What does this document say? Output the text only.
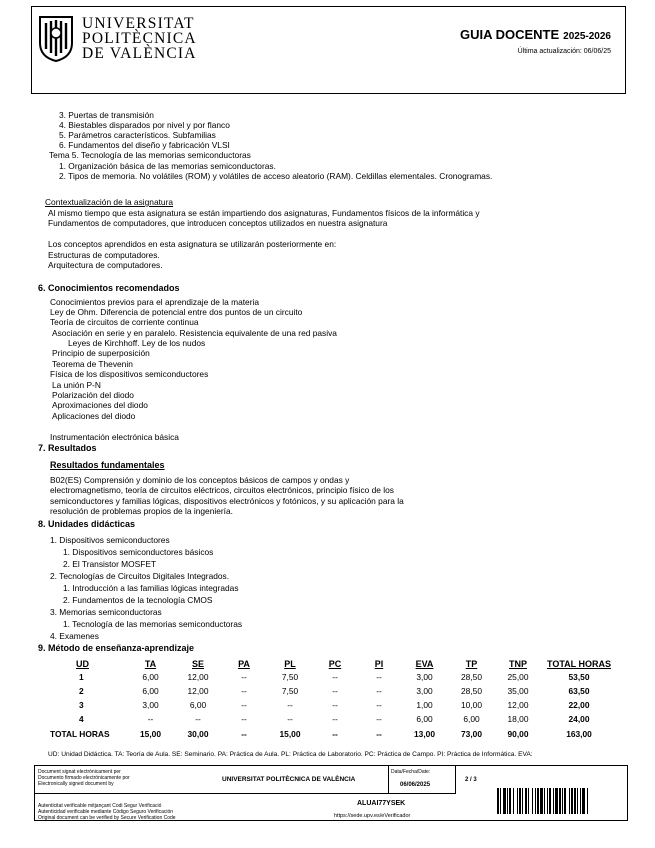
UNIVERSITAT
POLITÈCNICA
DE VALÈNCIA
GUIA DOCENTE 2025-2026
Última actualización: 06/06/25
3. Puertas de transmisión
4. Biestables disparados por nivel y por flanco
5. Parámetros característicos. Subfamilias
6. Fundamentos del diseño y fabricación VLSI
Tema 5. Tecnología de las memorias semiconductoras
1. Organización básica de las memorias semiconductoras.
2. Tipos de memoria. No volátiles (ROM) y volátiles de acceso aleatorio (RAM). Celdillas elementales. Cronogramas.
Contextualización de la asignatura
Al mismo tiempo que esta asignatura se están impartiendo dos asignaturas, Fundamentos físicos de la informática y
Fundamentos de computadores, que introducen conceptos utilizados en nuestra asignatura
Los conceptos aprendidos en esta asignatura se utilizarán posteriormente en:
Estructuras de computadores.
Arquitectura de computadores.
6. Conocimientos recomendados
Conocimientos previos para el aprendizaje de la materia
Ley de Ohm. Diferencia de potencial entre dos puntos de un circuito
Teoría de circuitos de corriente continua
Asociación en serie y en paralelo. Resistencia equivalente de una red pasiva
Leyes de Kirchhoff. Ley de los nudos
Principio de superposición
Teorema de Thevenin
Física de los dispositivos semiconductores
La unión P-N
Polarización del diodo
Aproximaciones del diodo
Aplicaciones del diodo
Instrumentación electrónica básica
7. Resultados
Resultados fundamentales
B02(ES) Comprensión y dominio de los conceptos básicos de campos y ondas y
electromagnetismo, teoría de circuitos eléctricos, circuitos electrónicos, principio físico de los
semiconductores y familias lógicas, dispositivos electrónicos y fotónicos, y su aplicación para la
resolución de problemas propios de la ingeniería.
8. Unidades didácticas
1. Dispositivos semiconductores
1. Dispositivos semiconductores básicos
2. El Transistor MOSFET
2. Tecnologías de Circuitos Digitales Integrados.
1. Introducción a las familias lógicas integradas
2. Fundamentos de la tecnología CMOS
3. Memorias semiconductoras
1. Tecnología de las memorias semiconductoras
4. Examenes
9. Método de enseñanza-aprendizaje
UD	TA	SE	PA	PL	PC	PI	EVA	TP	TNP	TOTAL HORAS
1	6,00	12,00	--	7,50	--	--	3,00	28,50	25,00	53,50
2	6,00	12,00	--	7,50	--	--	3,00	28,50	35,00	63,50
3	3,00	6,00	--	--	--	--	1,00	10,00	12,00	22,00
4	--	--	--	--	--	--	6,00	6,00	18,00	24,00
TOTAL HORAS	15,00	30,00	--	15,00	--	--	13,00	73,00	90,00	163,00
UD: Unidad Didáctica. TA: Teoría de Aula. SE: Seminario. PA: Práctica de Aula. PL: Práctica de Laboratorio. PC: Práctica de Campo. PI: Práctica de Informática. EVA:
Document signat electrònicament per
Documento firmado electrónicamente por
Electronically signed document by
UNIVERSITAT POLITÈCNICA DE VALÈNCIA
Data/Fecha/Date:
06/06/2025
2 / 3
Autenticitat verificable mitjançant Codi Segur Verificació
Autenticidad verificable mediante Código Seguro Verificación
Original document can be verified by Secure Verification Code
ALUAI77YSEK
https://sede.upv.es/eVerificador
